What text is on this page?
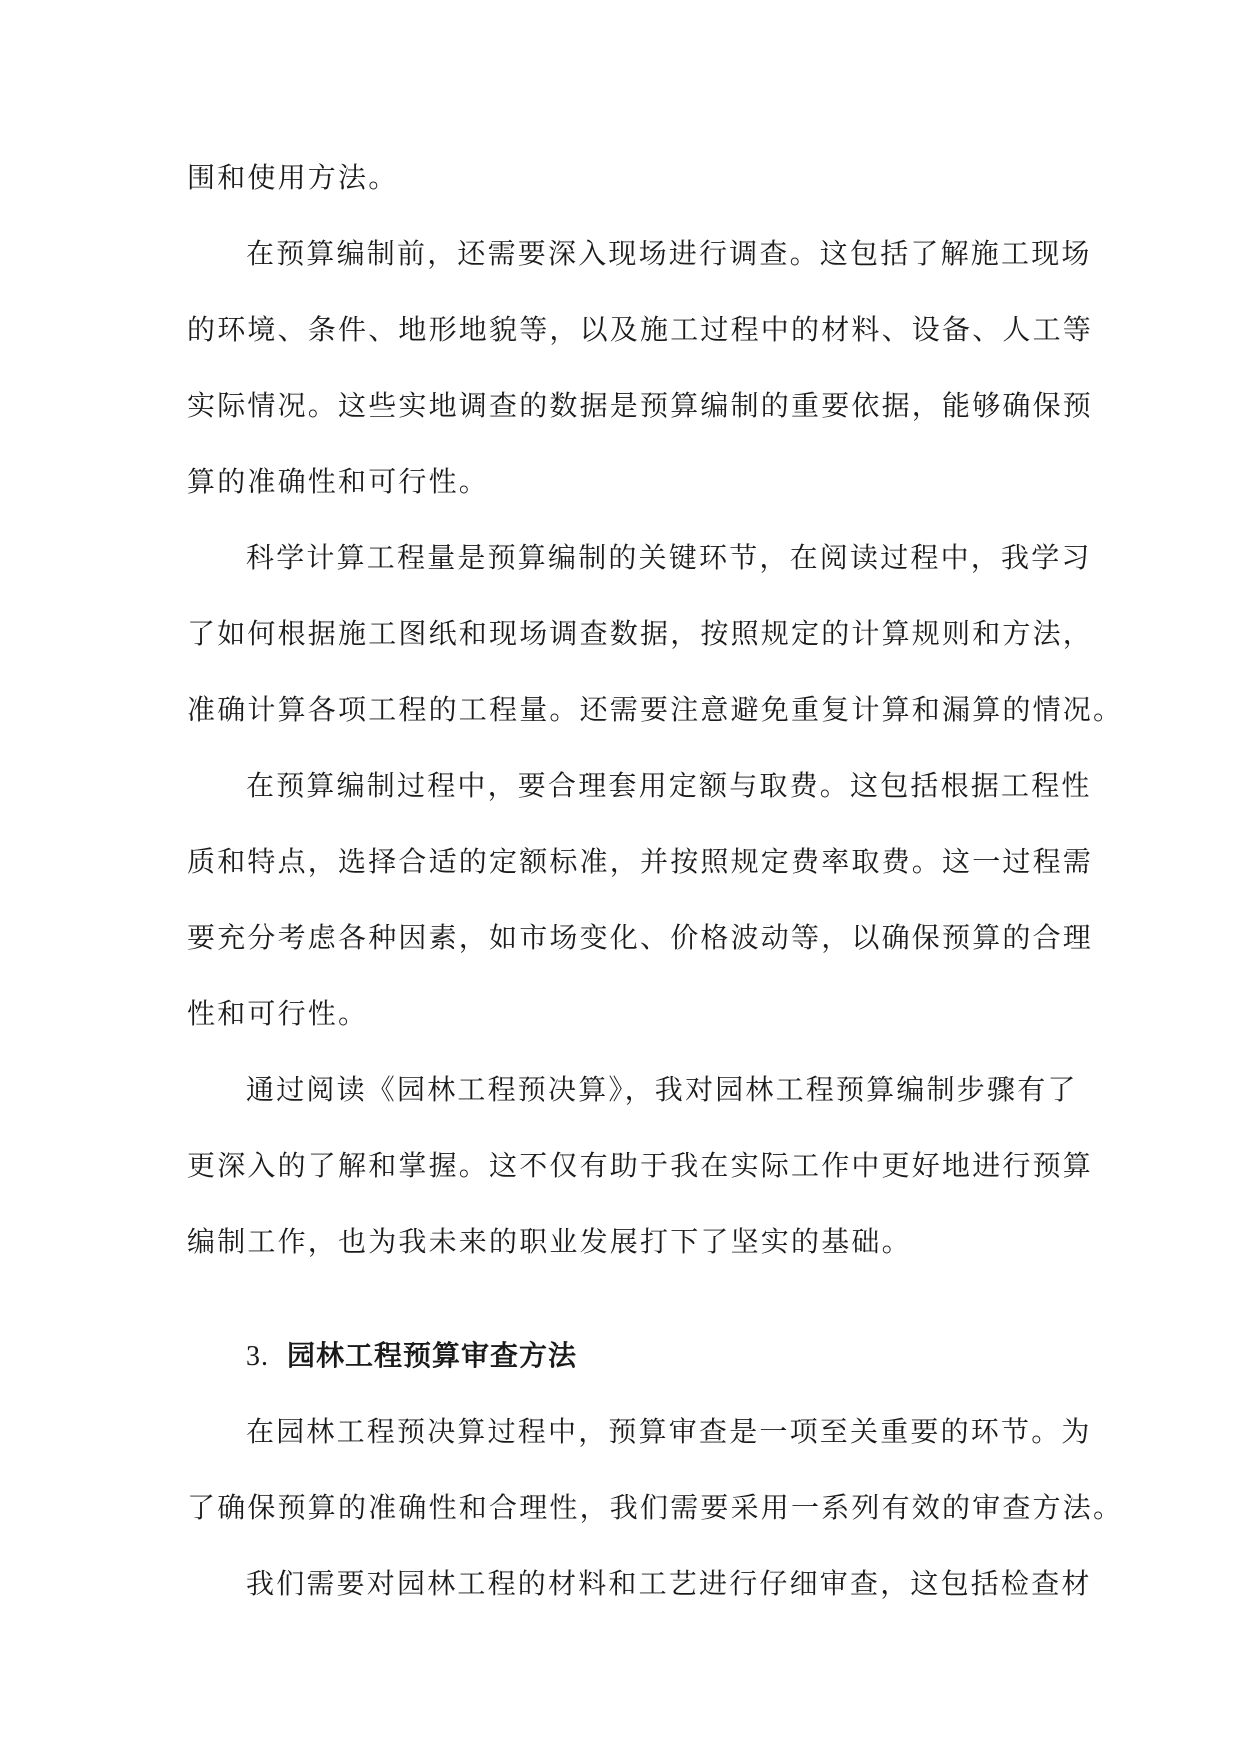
围和使用方法。
在预算编制前，还需要深入现场进行调查。这包括了解施工现场
的环境、条件、地形地貌等，以及施工过程中的材料、设备、人工等
实际情况。这些实地调查的数据是预算编制的重要依据，能够确保预
算的准确性和可行性。
科学计算工程量是预算编制的关键环节，在阅读过程中，我学习
了如何根据施工图纸和现场调查数据，按照规定的计算规则和方法，
准确计算各项工程的工程量。还需要注意避免重复计算和漏算的情况。
在预算编制过程中，要合理套用定额与取费。这包括根据工程性
质和特点，选择合适的定额标准，并按照规定费率取费。这一过程需
要充分考虑各种因素，如市场变化、价格波动等，以确保预算的合理
性和可行性。
通过阅读《园林工程预决算》，我对园林工程预算编制步骤有了
更深入的了解和掌握。这不仅有助于我在实际工作中更好地进行预算
编制工作，也为我未来的职业发展打下了坚实的基础。
3. 园林工程预算审查方法
在园林工程预决算过程中，预算审查是一项至关重要的环节。为
了确保预算的准确性和合理性，我们需要采用一系列有效的审查方法。
我们需要对园林工程的材料和工艺进行仔细审查，这包括检查材
